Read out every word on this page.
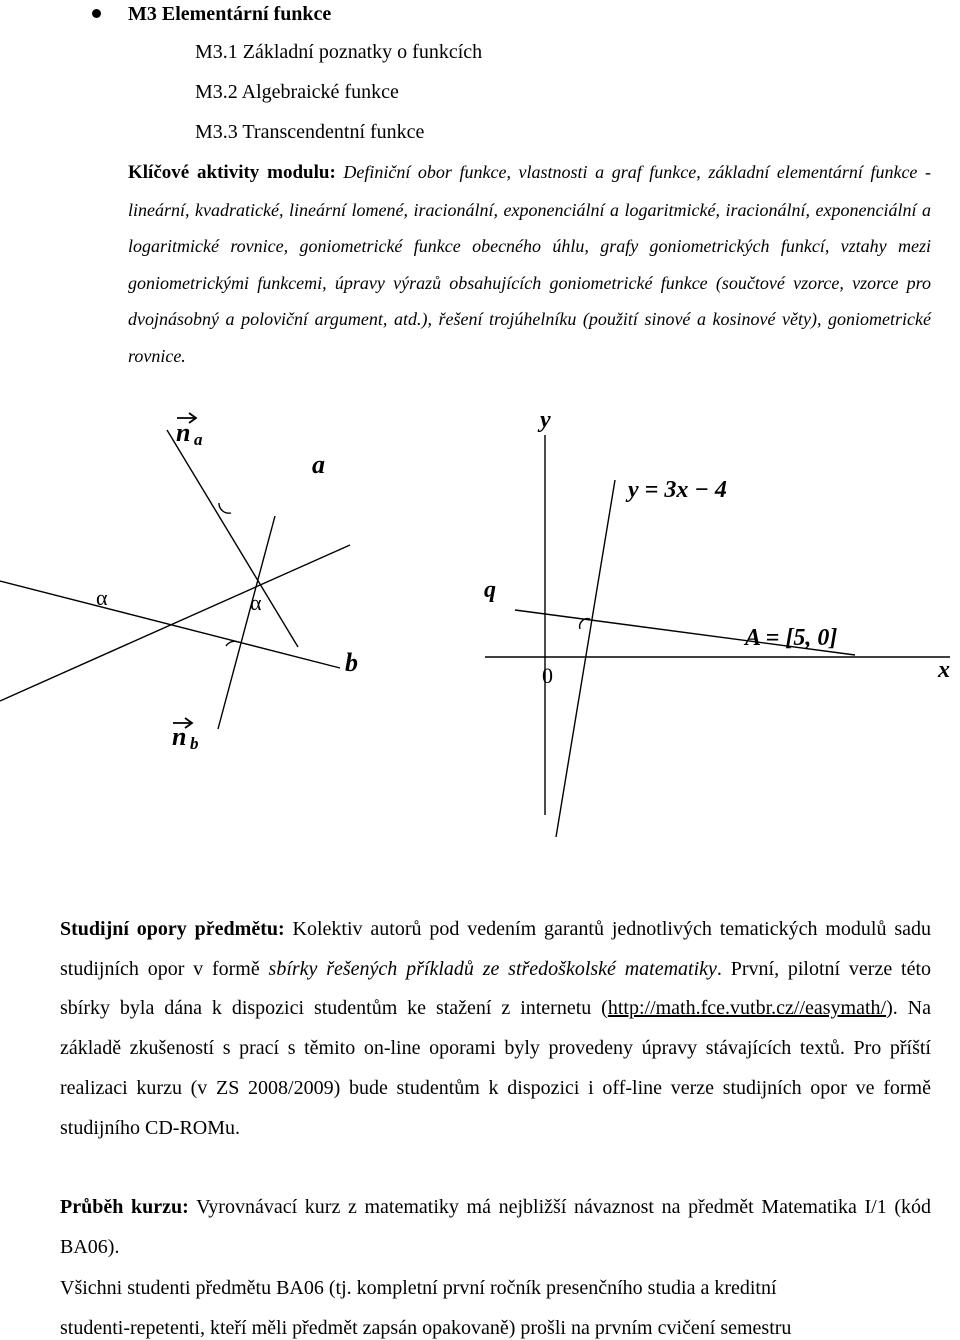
M3 Elementární funkce
M3.1 Základní poznatky o funkcích
M3.2 Algebraické funkce
M3.3 Transcendentní funkce
Klíčové aktivity modulu: Definiční obor funkce, vlastnosti a graf funkce, základní elementární funkce - lineární, kvadratické, lineární lomené, iracionální, exponenciální a logaritmické, iracionální, exponenciální a logaritmické rovnice, goniometrické funkce obecného úhlu, grafy goniometrických funkcí, vztahy mezi goniometrickými funkcemi, úpravy výrazů obsahujících goniometrické funkce (součtové vzorce, vzorce pro dvojnásobný a poloviční argument, atd.), řešení trojúhelníku (použití sinové a kosinové věty), goniometrické rovnice.
n a
n b
a
b
α	α
y
x
y = 3x − 4
q
A = [5, 0]
0
Studijní opory předmětu: Kolektiv autorů pod vedením garantů jednotlivých tematických modulů sadu studijních opor v formě sbírky řešených příkladů ze středoškolské matematiky. První, pilotní verze této sbírky byla dána k dispozici studentům ke stažení z internetu (http://math.fce.vutbr.cz//easymath/). Na základě zkušeností s prací s těmito on-line oporami byly provedeny úpravy stávajících textů. Pro příští realizaci kurzu (v ZS 2008/2009) bude studentům k dispozici i off-line verze studijních opor ve formě studijního CD-ROMu.
Průběh kurzu: Vyrovnávací kurz z matematiky má nejbližší návaznost na předmět Matematika I/1 (kód BA06).
Všichni studenti předmětu BA06 (tj. kompletní první ročník presenčního studia a kreditní
studenti-repetenti, kteří měli předmět zapsán opakovaně) prošli na prvním cvičení semestru
